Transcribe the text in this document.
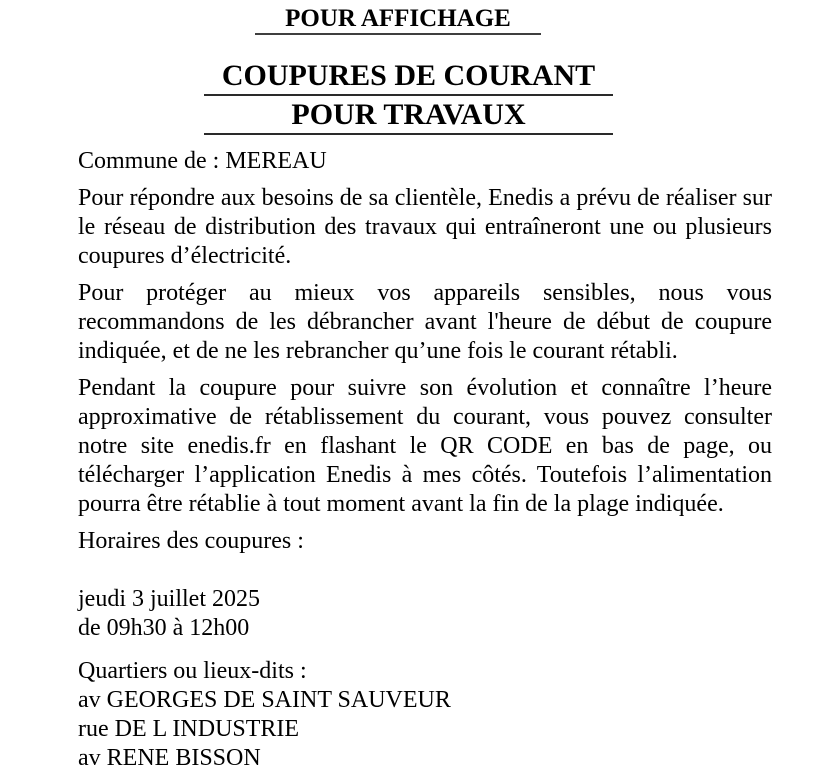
POUR AFFICHAGE
COUPURES DE COURANT
POUR TRAVAUX

Commune de : MEREAU

Pour répondre aux besoins de sa clientèle, Enedis a prévu de réaliser sur le réseau de distribution des travaux qui entraîneront une ou plusieurs coupures d’électricité.

Pour protéger au mieux vos appareils sensibles, nous vous recommandons de les débrancher avant l'heure de début de coupure indiquée, et de ne les rebrancher qu’une fois le courant rétabli.

Pendant la coupure pour suivre son évolution et connaître l’heure approximative de rétablissement du courant, vous pouvez consulter notre site enedis.fr en flashant le QR CODE en bas de page, ou télécharger l’application Enedis à mes côtés. Toutefois l’alimentation pourra être rétablie à tout moment avant la fin de la plage indiquée.

Horaires des coupures :

jeudi 3 juillet 2025
de 09h30 à 12h00

Quartiers ou lieux-dits :
av GEORGES DE SAINT SAUVEUR
rue DE L INDUSTRIE
av RENE BISSON
